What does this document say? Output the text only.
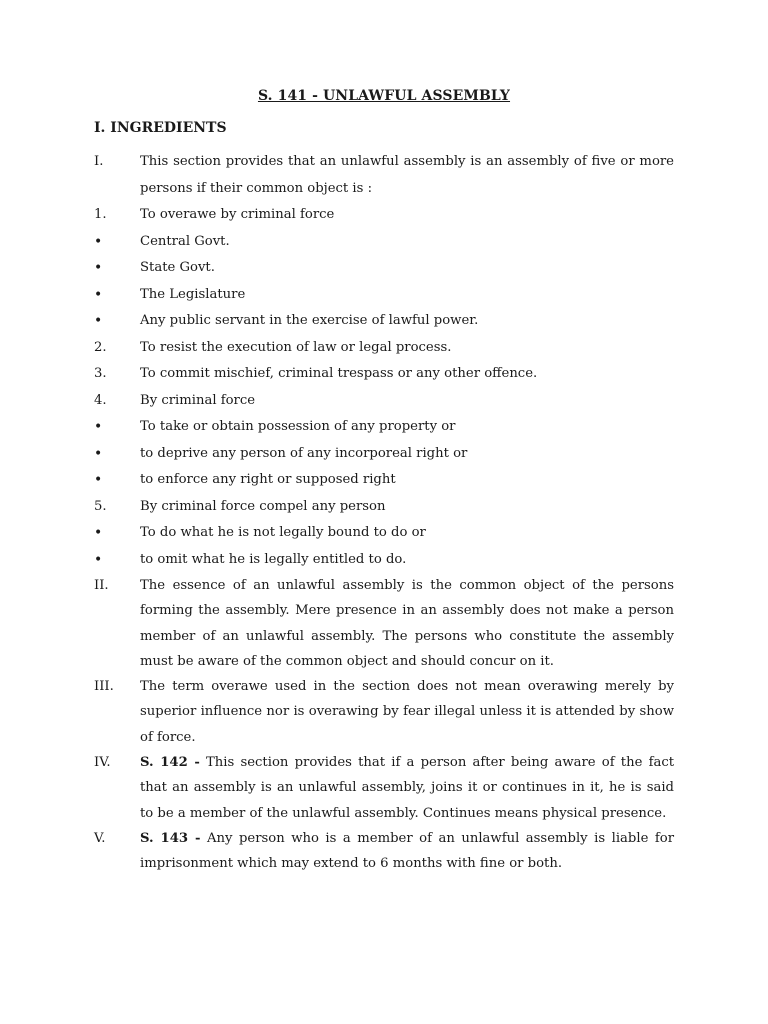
S. 141 - UNLAWFUL ASSEMBLY
I. INGREDIENTS
I.	This section provides that an unlawful assembly is an assembly of five or more persons if their common object is :
1.	To overawe by criminal force
•	Central Govt.
•	State Govt.
•	The Legislature
•	Any public servant in the exercise of lawful power.
2.	To resist the execution of law or legal process.
3.	To commit mischief, criminal trespass or any other offence.
4.	By criminal force
•	To take or obtain possession of any property or
•	to deprive any person of any incorporeal right or
•	to enforce any right or supposed right
5.	By criminal force compel any person
•	To do what he is not legally bound to do or
•	to omit what he is legally entitled to do.
II.	The essence of an unlawful assembly is the common object of the persons forming the assembly. Mere presence in an assembly does not make a person member of an unlawful assembly. The persons who constitute the assembly must be aware of the common object and should concur on it.
III.	The term overawe used in the section does not mean overawing merely by superior influence nor is overawing by fear illegal unless it is attended by show of force.
IV.	S. 142 - This section provides that if a person after being aware of the fact that an assembly is an unlawful assembly, joins it or continues in it, he is said to be a member of the unlawful assembly. Continues means physical presence.
V.	S. 143 - Any person who is a member of an unlawful assembly is liable for imprisonment which may extend to 6 months with fine or both.
